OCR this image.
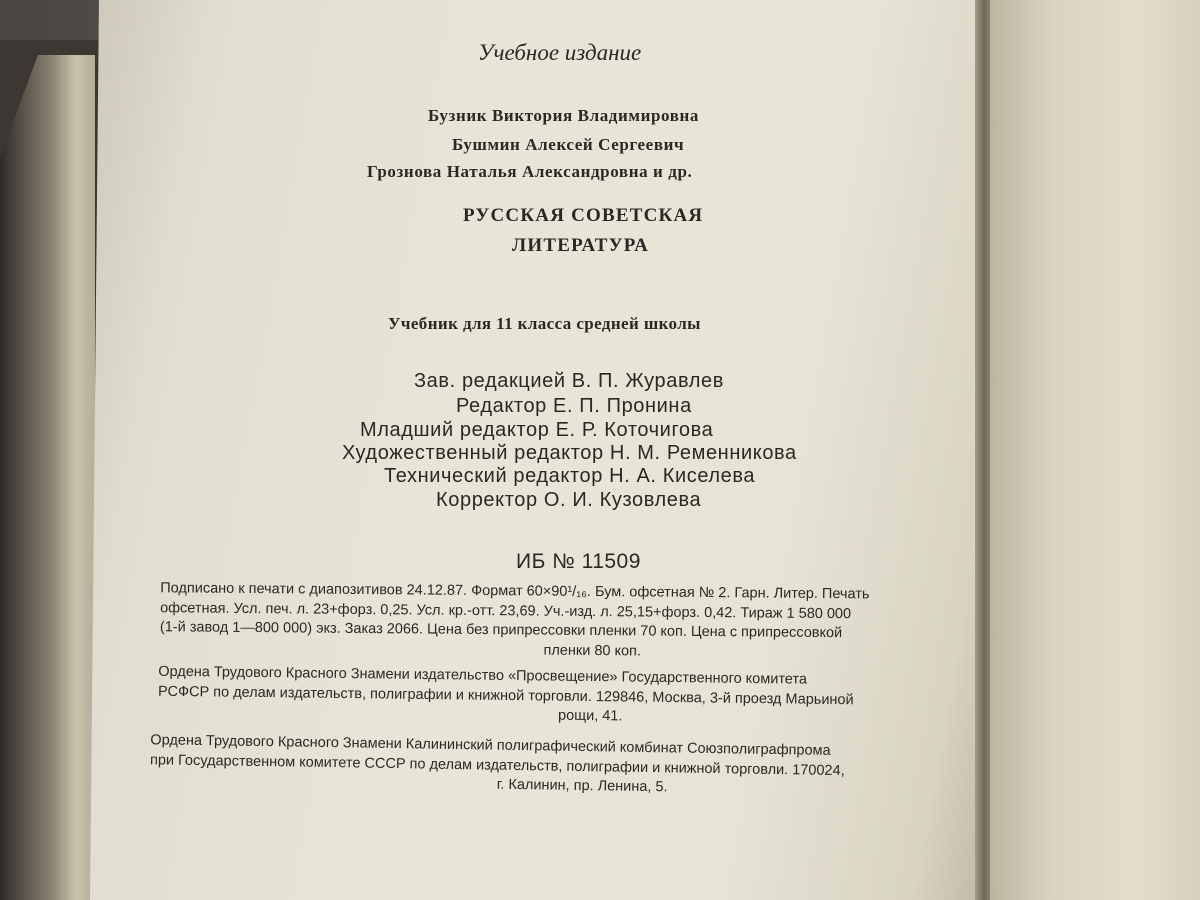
Учебное издание
Бузник Виктория Владимировна
Бушмин Алексей Сергеевич
Грознова Наталья Александровна и др.
РУССКАЯ СОВЕТСКАЯ
ЛИТЕРАТУРА
Учебник для 11 класса средней школы
Зав. редакцией В. П. Журавлев
Редактор Е. П. Пронина
Младший редактор Е. Р. Коточигова
Художественный редактор Н. М. Ременникова
Технический редактор Н. А. Киселева
Корректор О. И. Кузовлева
ИБ № 11509
Подписано к печати с диапозитивов 24.12.87. Формат 60×90¹/₁₆. Бум. офсетная № 2. Гарн. Литер. Печать
офсетная. Усл. печ. л. 23+форз. 0,25. Усл. кр.-отт. 23,69. Уч.-изд. л. 25,15+форз. 0,42. Тираж 1 580 000
(1-й завод 1—800 000) экз. Заказ 2066. Цена без припрессовки пленки 70 коп. Цена с припрессовкой
пленки 80 коп.
Ордена Трудового Красного Знамени издательство «Просвещение» Государственного комитета
РСФСР по делам издательств, полиграфии и книжной торговли. 129846, Москва, 3-й проезд Марьиной
рощи, 41.
Ордена Трудового Красного Знамени Калининский полиграфический комбинат Союзполиграфпрома
при Государственном комитете СССР по делам издательств, полиграфии и книжной торговли. 170024,
г. Калинин, пр. Ленина, 5.
